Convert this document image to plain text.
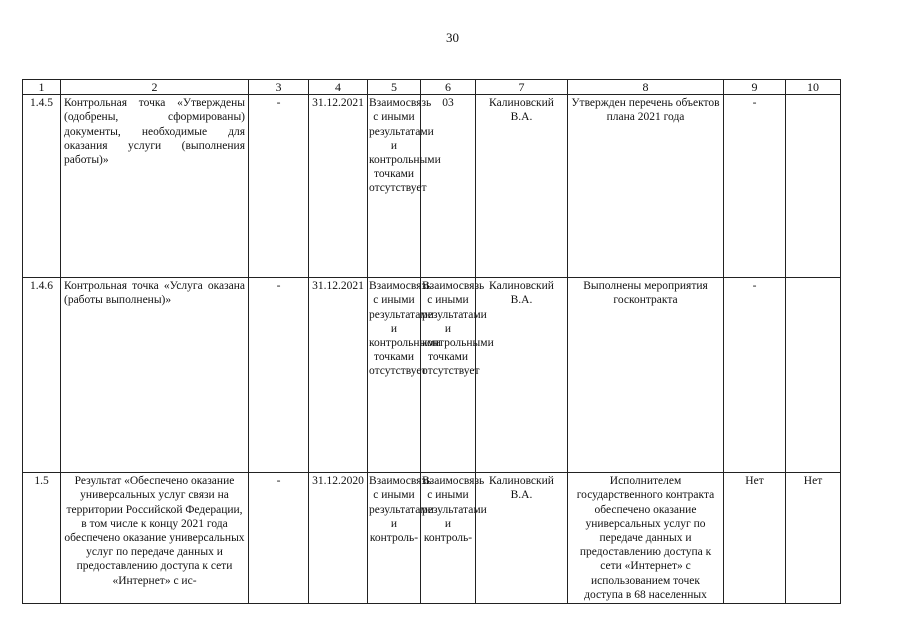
30
1	2	3	4	5	6	7	8	9	10
1.4.5	Контрольная точка «Утверждены (одобрены, сформированы) документы, необходимые для оказания услуги (выполнения работы)»	-	31.12.2021	Взаимосвязь с иными результатами и контрольными точками отсутствует	03	Калиновский В.А.	Утвержден перечень объектов плана 2021 года	-	
1.4.6	Контрольная точка «Услуга оказана (работы выполнены)»	-	31.12.2021	Взаимосвязь с иными результатами и контрольными точками отсутствует	Взаимосвязь с иными результатами и контрольными точками отсутствует	Калиновский В.А.	Выполнены мероприятия госконтракта	-	
1.5	Результат «Обеспечено оказание универсальных услуг связи на территории Российской Федерации, в том числе к концу 2021 года обеспечено оказание универсальных услуг по передаче данных и предоставлению доступа к сети «Интернет» с ис-	-	31.12.2020	Взаимосвязь с иными результатами и контроль-	Взаимосвязь с иными результатами и контроль-	Калиновский В.А.	Исполнителем государственного контракта обеспечено оказание универсальных услуг по передаче данных и предоставлению доступа к сети «Интернет» с использованием точек доступа в 68 населенных	Нет	Нет
